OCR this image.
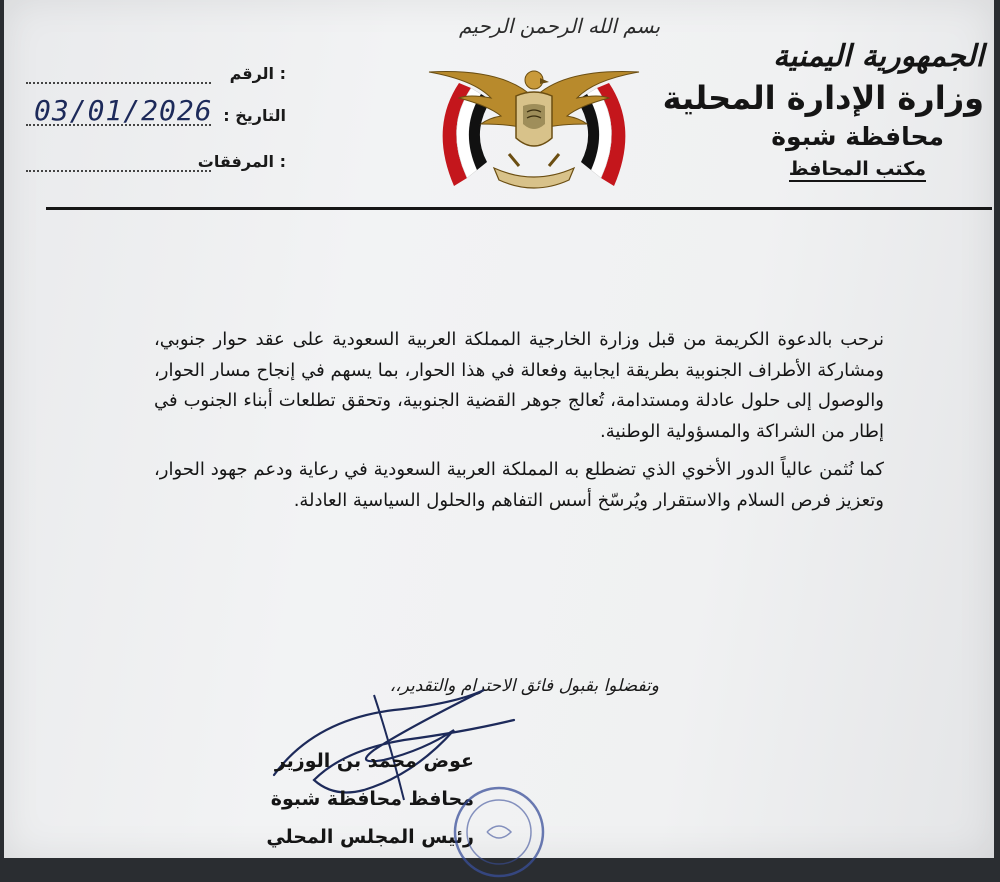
الجمهورية اليمنية
وزارة الإدارة المحلية
محافظة شبوة
مكتب المحافظ
بسم الله الرحمن الرحيم
: الرقم
: التاريخ
03/01/2026
: المرفقات

نرحب بالدعوة الكريمة من قبل وزارة الخارجية المملكة العربية السعودية على عقد حوار جنوبي، ومشاركة الأطراف الجنوبية بطريقة ايجابية وفعالة في هذا الحوار، بما يسهم في إنجاح مسار الحوار، والوصول إلى حلول عادلة ومستدامة، تُعالج جوهر القضية الجنوبية، وتحقق تطلعات أبناء الجنوب في إطار من الشراكة والمسؤولية الوطنية.

كما نُثمن عالياً الدور الأخوي الذي تضطلع به المملكة العربية السعودية في رعاية ودعم جهود الحوار، وتعزيز فرص السلام والاستقرار ويُرسّخ أسس التفاهم والحلول السياسية العادلة.

وتفضلوا بقبول فائق الاحترام والتقدير،،
عوض محمد بن الوزير
محافظ محافظة شبوة
رئيس المجلس المحلي
